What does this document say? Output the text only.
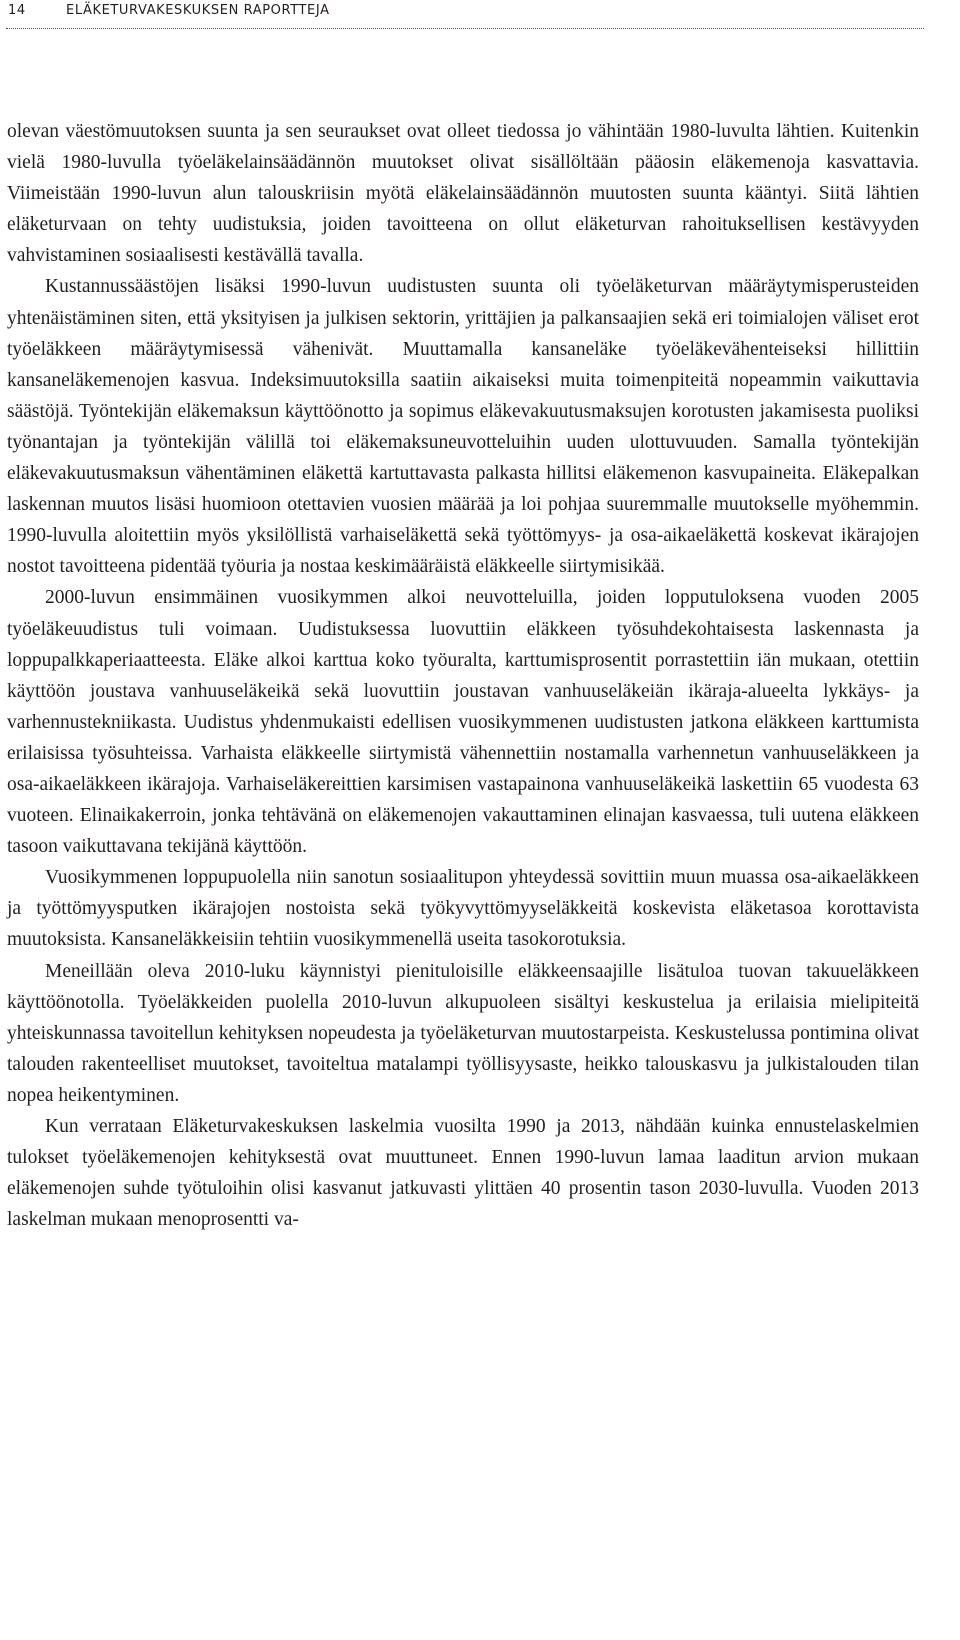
14	ELÄKETURVAKESKUKSEN RAPORTTEJA

olevan väestömuutoksen suunta ja sen seuraukset ovat olleet tiedossa jo vähintään 1980-luvulta lähtien. Kuitenkin vielä 1980-luvulla työeläkelainsäädännön muutokset olivat sisällöltään pääosin eläkemenoja kasvattavia. Viimeistään 1990-luvun alun talouskriisin myötä eläkelainsäädännön muutosten suunta kääntyi. Siitä lähtien eläketurvaan on tehty uudistuksia, joiden tavoitteena on ollut eläketurvan rahoituksellisen kestävyyden vahvistaminen sosiaalisesti kestävällä tavalla.

Kustannussäästöjen lisäksi 1990-luvun uudistusten suunta oli työeläketurvan määräytymisperusteiden yhtenäistäminen siten, että yksityisen ja julkisen sektorin, yrittäjien ja palkansaajien sekä eri toimialojen väliset erot työeläkkeen määräytymisessä vähenivät. Muuttamalla kansaneläke työeläkevähenteiseksi hillittiin kansaneläkemenojen kasvua. Indeksimuutoksilla saatiin aikaiseksi muita toimenpiteitä nopeammin vaikuttavia säästöjä. Työntekijän eläkemaksun käyttöönotto ja sopimus eläkevakuutusmaksujen korotusten jakamisesta puoliksi työnantajan ja työntekijän välillä toi eläkemaksuneuvotteluihin uuden ulottuvuuden. Samalla työntekijän eläkevakuutusmaksun vähentäminen eläkettä kartuttavasta palkasta hillitsi eläkemenon kasvupaineita. Eläkepalkan laskennan muutos lisäsi huomioon otettavien vuosien määrää ja loi pohjaa suuremmalle muutokselle myöhemmin. 1990-luvulla aloitettiin myös yksilöllistä varhaiseläkettä sekä työttömyys- ja osa-aikaeläkettä koskevat ikärajojen nostot tavoitteena pidentää työuria ja nostaa keskimääräistä eläkkeelle siirtymisikää.

2000-luvun ensimmäinen vuosikymmen alkoi neuvotteluilla, joiden lopputuloksena vuoden 2005 työeläkeuudistus tuli voimaan. Uudistuksessa luovuttiin eläkkeen työsuhdekohtaisesta laskennasta ja loppupalkkaperiaatteesta. Eläke alkoi karttua koko työuralta, karttumisprosentit porrastettiin iän mukaan, otettiin käyttöön joustava vanhuuseläkeikä sekä luovuttiin joustavan vanhuuseläkeiän ikäraja-alueelta lykkäys- ja varhennustekniikasta. Uudistus yhdenmukaisti edellisen vuosikymmenen uudistusten jatkona eläkkeen karttumista erilaisissa työsuhteissa. Varhaista eläkkeelle siirtymistä vähennettiin nostamalla varhennetun vanhuuseläkkeen ja osa-aikaeläkkeen ikärajoja. Varhaiseläkereittien karsimisen vastapainona vanhuuseläkeikä laskettiin 65 vuodesta 63 vuoteen. Elinaikakerroin, jonka tehtävänä on eläkemenojen vakauttaminen elinajan kasvaessa, tuli uutena eläkkeen tasoon vaikuttavana tekijänä käyttöön.

Vuosikymmenen loppupuolella niin sanotun sosiaalitupon yhteydessä sovittiin muun muassa osa-aikaeläkkeen ja työttömyysputken ikärajojen nostoista sekä työkyvyttömyyseläkkeitä koskevista eläketasoa korottavista muutoksista. Kansaneläkkeisiin tehtiin vuosikymmenellä useita tasokorotuksia.

Meneillään oleva 2010-luku käynnistyi pienituloisille eläkkeensaajille lisätuloa tuovan takuueläkkeen käyttöönotolla. Työeläkkeiden puolella 2010-luvun alkupuoleen sisältyi keskustelua ja erilaisia mielipiteitä yhteiskunnassa tavoitellun kehityksen nopeudesta ja työeläketurvan muutostarpeista. Keskustelussa pontimina olivat talouden rakenteelliset muutokset, tavoiteltua matalampi työllisyysaste, heikko talouskasvu ja julkistalouden tilan nopea heikentyminen.

Kun verrataan Eläketurvakeskuksen laskelmia vuosilta 1990 ja 2013, nähdään kuinka ennustelaskelmien tulokset työeläkemenojen kehityksestä ovat muuttuneet. Ennen 1990-luvun lamaa laaditun arvion mukaan eläkemenojen suhde työtuloihin olisi kasvanut jatkuvasti ylittäen 40 prosentin tason 2030-luvulla. Vuoden 2013 laskelman mukaan menoprosentti va-
